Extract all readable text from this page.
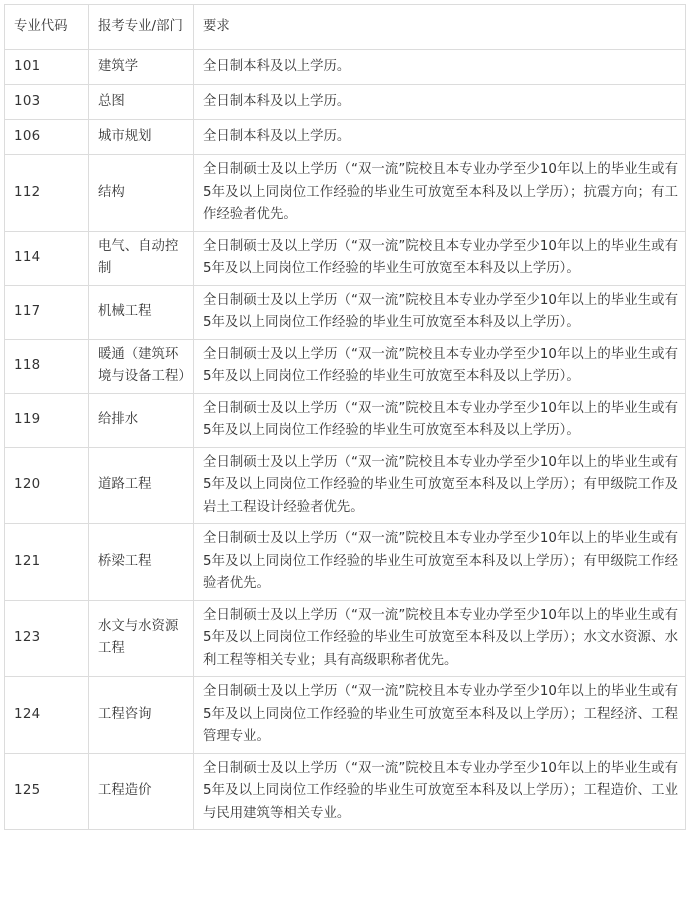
专业代码	报考专业/部门	要求
101	建筑学	全日制本科及以上学历。
103	总图	全日制本科及以上学历。
106	城市规划	全日制本科及以上学历。
112	结构	全日制硕士及以上学历（“双一流”院校且本专业办学至少10年以上的毕业生或有5年及以上同岗位工作经验的毕业生可放宽至本科及以上学历）；抗震方向；有工作经验者优先。
114	电气、自动控制	全日制硕士及以上学历（“双一流”院校且本专业办学至少10年以上的毕业生或有5年及以上同岗位工作经验的毕业生可放宽至本科及以上学历）。
117	机械工程	全日制硕士及以上学历（“双一流”院校且本专业办学至少10年以上的毕业生或有5年及以上同岗位工作经验的毕业生可放宽至本科及以上学历）。
118	暖通（建筑环境与设备工程）	全日制硕士及以上学历（“双一流”院校且本专业办学至少10年以上的毕业生或有5年及以上同岗位工作经验的毕业生可放宽至本科及以上学历）。
119	给排水	全日制硕士及以上学历（“双一流”院校且本专业办学至少10年以上的毕业生或有5年及以上同岗位工作经验的毕业生可放宽至本科及以上学历）。
120	道路工程	全日制硕士及以上学历（“双一流”院校且本专业办学至少10年以上的毕业生或有5年及以上同岗位工作经验的毕业生可放宽至本科及以上学历）；有甲级院工作及岩土工程设计经验者优先。
121	桥梁工程	全日制硕士及以上学历（“双一流”院校且本专业办学至少10年以上的毕业生或有5年及以上同岗位工作经验的毕业生可放宽至本科及以上学历）；有甲级院工作经验者优先。
123	水文与水资源工程	全日制硕士及以上学历（“双一流”院校且本专业办学至少10年以上的毕业生或有5年及以上同岗位工作经验的毕业生可放宽至本科及以上学历）；水文水资源、水利工程等相关专业；具有高级职称者优先。
124	工程咨询	全日制硕士及以上学历（“双一流”院校且本专业办学至少10年以上的毕业生或有5年及以上同岗位工作经验的毕业生可放宽至本科及以上学历）；工程经济、工程管理专业。
125	工程造价	全日制硕士及以上学历（“双一流”院校且本专业办学至少10年以上的毕业生或有5年及以上同岗位工作经验的毕业生可放宽至本科及以上学历）；工程造价、工业与民用建筑等相关专业。
